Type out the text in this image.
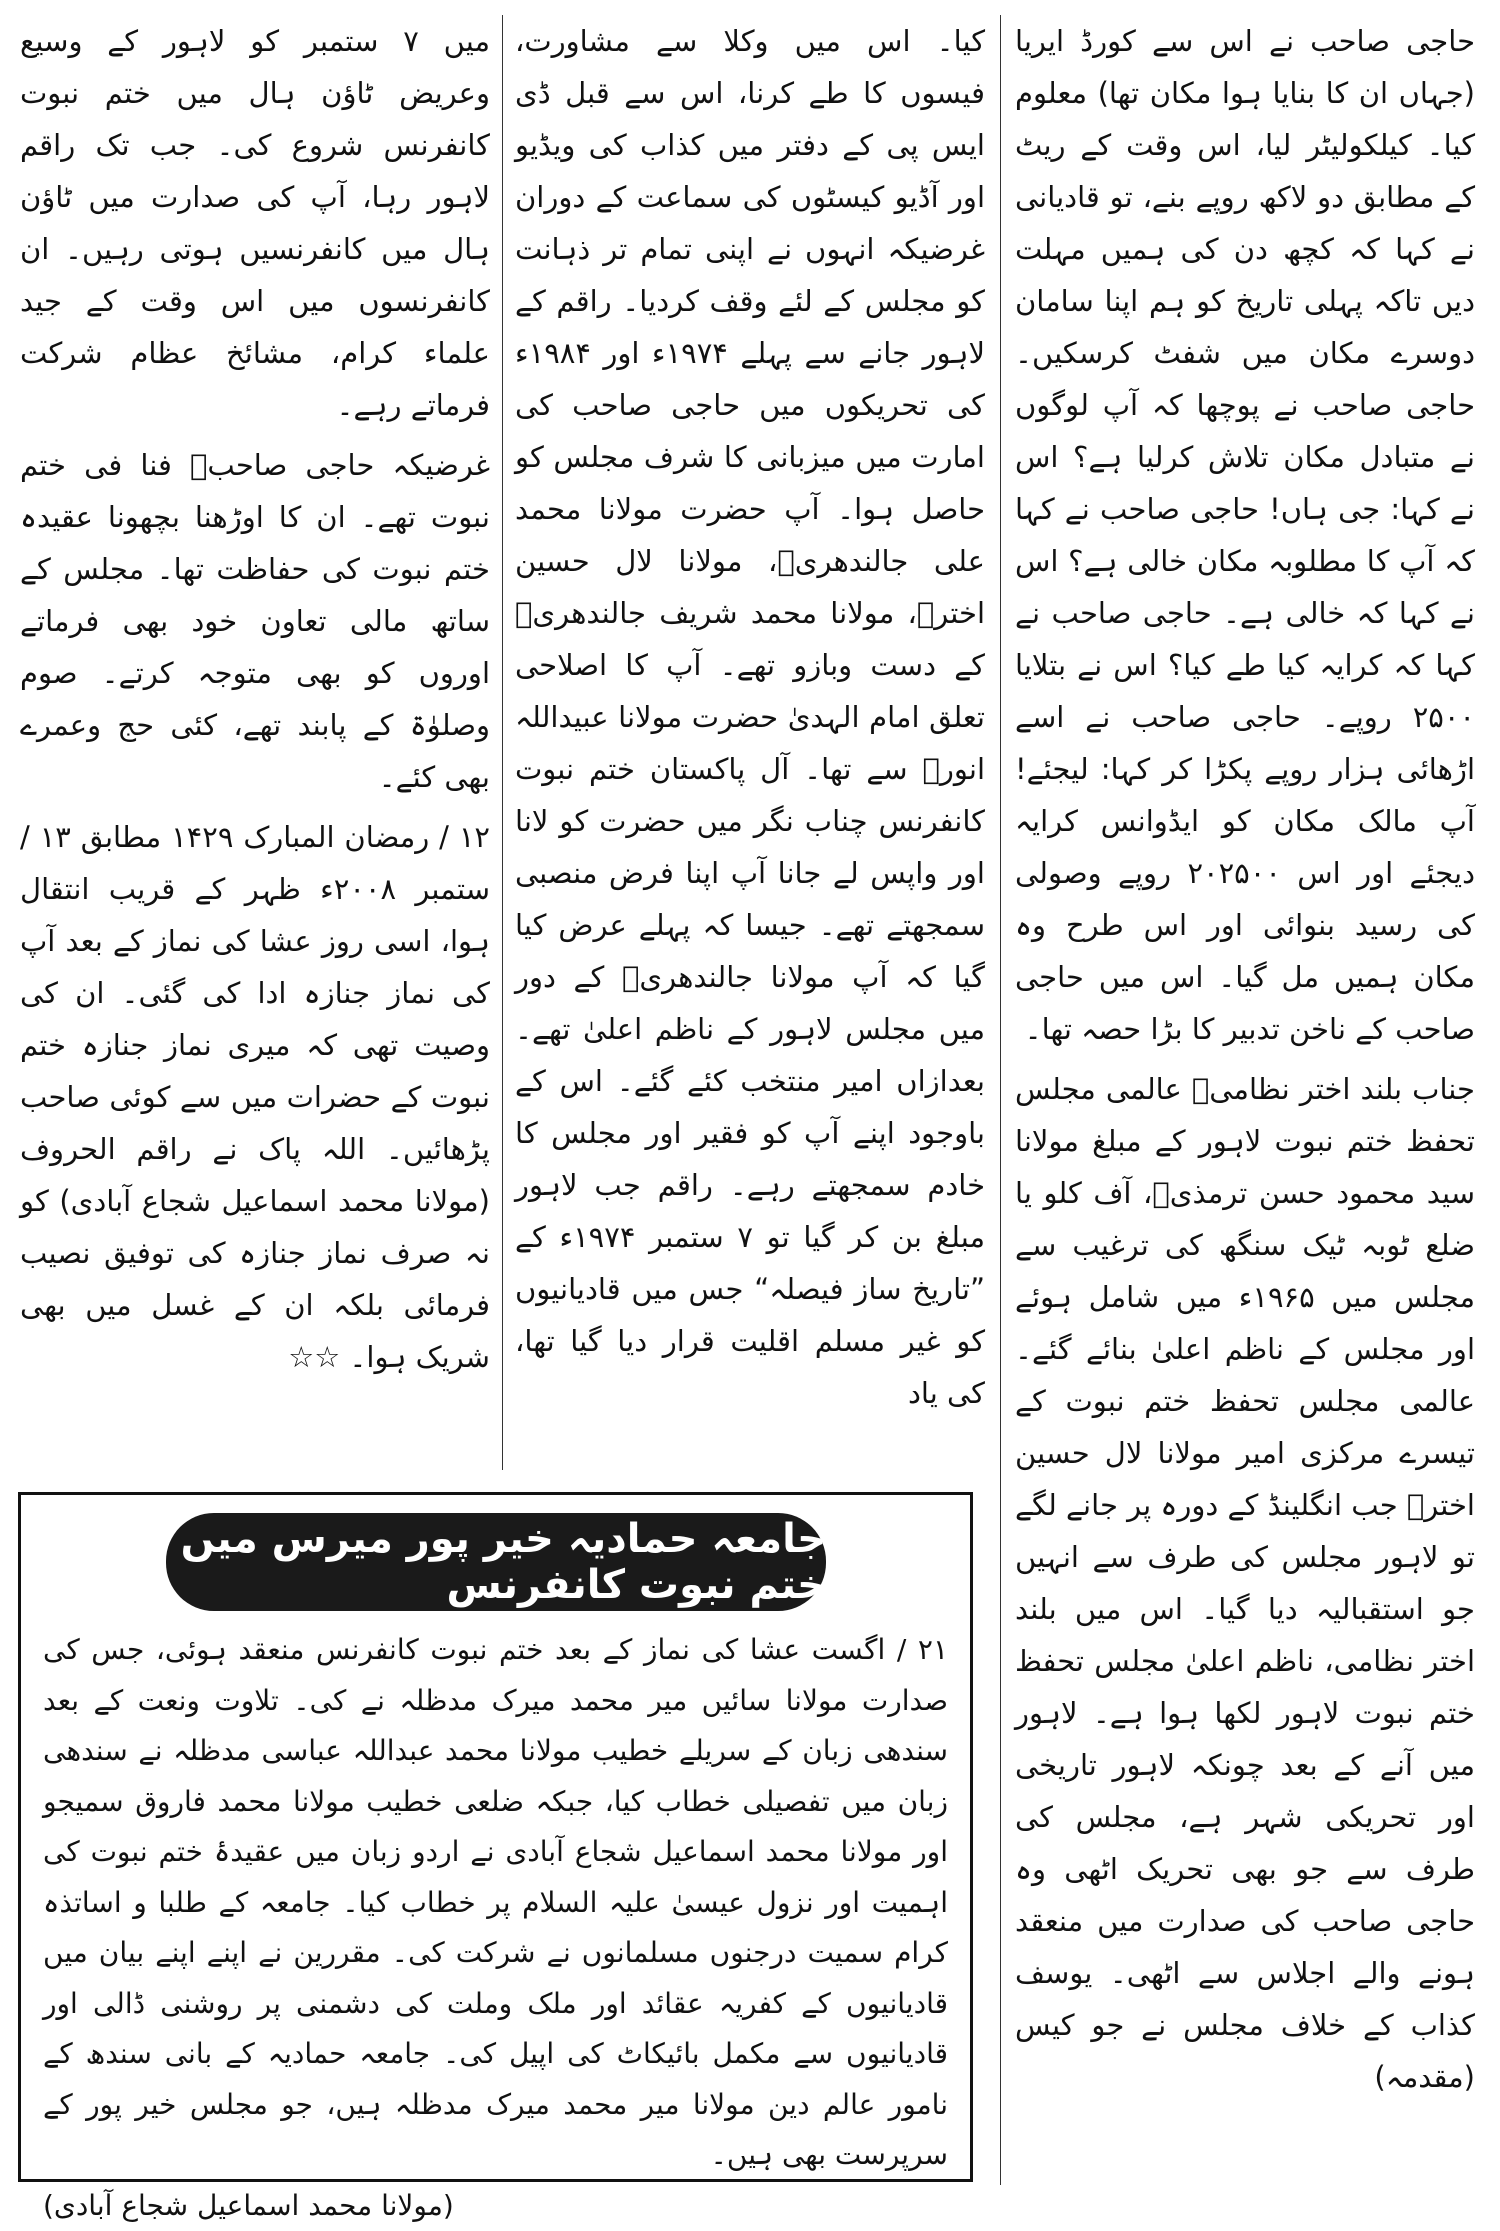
حاجی صاحب نے اس سے کورڈ ایریا (جہاں ان کا بنایا ہوا مکان تھا) معلوم کیا۔ کیلکولیٹر لیا، اس وقت کے ریٹ کے مطابق دو لاکھ روپے بنے، تو قادیانی نے کہا کہ کچھ دن کی ہمیں مہلت دیں تاکہ پہلی تاریخ کو ہم اپنا سامان دوسرے مکان میں شفٹ کرسکیں۔ حاجی صاحب نے پوچھا کہ آپ لوگوں نے متبادل مکان تلاش کرلیا ہے؟ اس نے کہا: جی ہاں! حاجی صاحب نے کہا کہ آپ کا مطلوبہ مکان خالی ہے؟ اس نے کہا کہ خالی ہے۔ حاجی صاحب نے کہا کہ کرایہ کیا طے کیا؟ اس نے بتلایا ۲۵۰۰ روپے۔ حاجی صاحب نے اسے اڑھائی ہزار روپے پکڑا کر کہا: لیجئے! آپ مالک مکان کو ایڈوانس کرایہ دیجئے اور اس ۲۰۲۵۰۰ روپے وصولی کی رسید بنوائی اور اس طرح وہ مکان ہمیں مل گیا۔ اس میں حاجی صاحب کے ناخن تدبیر کا بڑا حصہ تھا۔

جناب بلند اختر نظامیؒ عالمی مجلس تحفظ ختم نبوت لاہور کے مبلغ مولانا سید محمود حسن ترمذیؒ، آف کلو یا ضلع ٹوبہ ٹیک سنگھ کی ترغیب سے مجلس میں ۱۹۶۵ء میں شامل ہوئے اور مجلس کے ناظم اعلیٰ بنائے گئے۔ عالمی مجلس تحفظ ختم نبوت کے تیسرے مرکزی امیر مولانا لال حسین اخترؒ جب انگلینڈ کے دورہ پر جانے لگے تو لاہور مجلس کی طرف سے انہیں جو استقبالیہ دیا گیا۔ اس میں بلند اختر نظامی، ناظم اعلیٰ مجلس تحفظ ختم نبوت لاہور لکھا ہوا ہے۔ لاہور میں آنے کے بعد چونکہ لاہور تاریخی اور تحریکی شہر ہے، مجلس کی طرف سے جو بھی تحریک اٹھی وہ حاجی صاحب کی صدارت میں منعقد ہونے والے اجلاس سے اٹھی۔ یوسف کذاب کے خلاف مجلس نے جو کیس (مقدمہ)

کیا۔ اس میں وکلا سے مشاورت، فیسوں کا طے کرنا، اس سے قبل ڈی ایس پی کے دفتر میں کذاب کی ویڈیو اور آڈیو کیسٹوں کی سماعت کے دوران غرضیکہ انہوں نے اپنی تمام تر ذہانت کو مجلس کے لئے وقف کردیا۔ راقم کے لاہور جانے سے پہلے ۱۹۷۴ء اور ۱۹۸۴ء کی تحریکوں میں حاجی صاحب کی امارت میں میزبانی کا شرف مجلس کو حاصل ہوا۔ آپ حضرت مولانا محمد علی جالندھریؒ، مولانا لال حسین اخترؒ، مولانا محمد شریف جالندھریؒ کے دست وبازو تھے۔ آپ کا اصلاحی تعلق امام الہدیٰ حضرت مولانا عبیداللہ انورؒ سے تھا۔ آل پاکستان ختم نبوت کانفرنس چناب نگر میں حضرت کو لانا اور واپس لے جانا آپ اپنا فرض منصبی سمجھتے تھے۔ جیسا کہ پہلے عرض کیا گیا کہ آپ مولانا جالندھریؒ کے دور میں مجلس لاہور کے ناظم اعلیٰ تھے۔ بعدازاں امیر منتخب کئے گئے۔ اس کے باوجود اپنے آپ کو فقیر اور مجلس کا خادم سمجھتے رہے۔ راقم جب لاہور مبلغ بن کر گیا تو ۷ ستمبر ۱۹۷۴ء کے ”تاریخ ساز فیصلہ“ جس میں قادیانیوں کو غیر مسلم اقلیت قرار دیا گیا تھا، کی یاد

میں ۷ ستمبر کو لاہور کے وسیع وعریض ٹاؤن ہال میں ختم نبوت کانفرنس شروع کی۔ جب تک راقم لاہور رہا، آپ کی صدارت میں ٹاؤن ہال میں کانفرنسیں ہوتی رہیں۔ ان کانفرنسوں میں اس وقت کے جید علماء کرام، مشائخ عظام شرکت فرماتے رہے۔

غرضیکہ حاجی صاحبؒ فنا فی ختم نبوت تھے۔ ان کا اوڑھنا بچھونا عقیدہ ختم نبوت کی حفاظت تھا۔ مجلس کے ساتھ مالی تعاون خود بھی فرماتے اوروں کو بھی متوجہ کرتے۔ صوم وصلوٰۃ کے پابند تھے، کئی حج وعمرے بھی کئے۔

۱۲ / رمضان المبارک ۱۴۲۹ مطابق ۱۳ / ستمبر ۲۰۰۸ء ظہر کے قریب انتقال ہوا، اسی روز عشا کی نماز کے بعد آپ کی نماز جنازہ ادا کی گئی۔ ان کی وصیت تھی کہ میری نماز جنازہ ختم نبوت کے حضرات میں سے کوئی صاحب پڑھائیں۔ اللہ پاک نے راقم الحروف (مولانا محمد اسماعیل شجاع آبادی) کو نہ صرف نماز جنازہ کی توفیق نصیب فرمائی بلکہ ان کے غسل میں بھی شریک ہوا۔ ☆☆

جامعہ حمادیہ خیر پور میرس میں ختم نبوت کانفرنس

۲۱ / اگست عشا کی نماز کے بعد ختم نبوت کانفرنس منعقد ہوئی، جس کی صدارت مولانا سائیں میر محمد میرک مدظلہ نے کی۔ تلاوت ونعت کے بعد سندھی زبان کے سریلے خطیب مولانا محمد عبداللہ عباسی مدظلہ نے سندھی زبان میں تفصیلی خطاب کیا، جبکہ ضلعی خطیب مولانا محمد فاروق سمیجو اور مولانا محمد اسماعیل شجاع آبادی نے اردو زبان میں عقیدۂ ختم نبوت کی اہمیت اور نزول عیسیٰ علیہ السلام پر خطاب کیا۔ جامعہ کے طلبا و اساتذہ کرام سمیت درجنوں مسلمانوں نے شرکت کی۔ مقررین نے اپنے اپنے بیان میں قادیانیوں کے کفریہ عقائد اور ملک وملت کی دشمنی پر روشنی ڈالی اور قادیانیوں سے مکمل بائیکاٹ کی اپیل کی۔ جامعہ حمادیہ کے بانی سندھ کے نامور عالم دین مولانا میر محمد میرک مدظلہ ہیں، جو مجلس خیر پور کے سرپرست بھی ہیں۔

(مولانا محمد اسماعیل شجاع آبادی)
